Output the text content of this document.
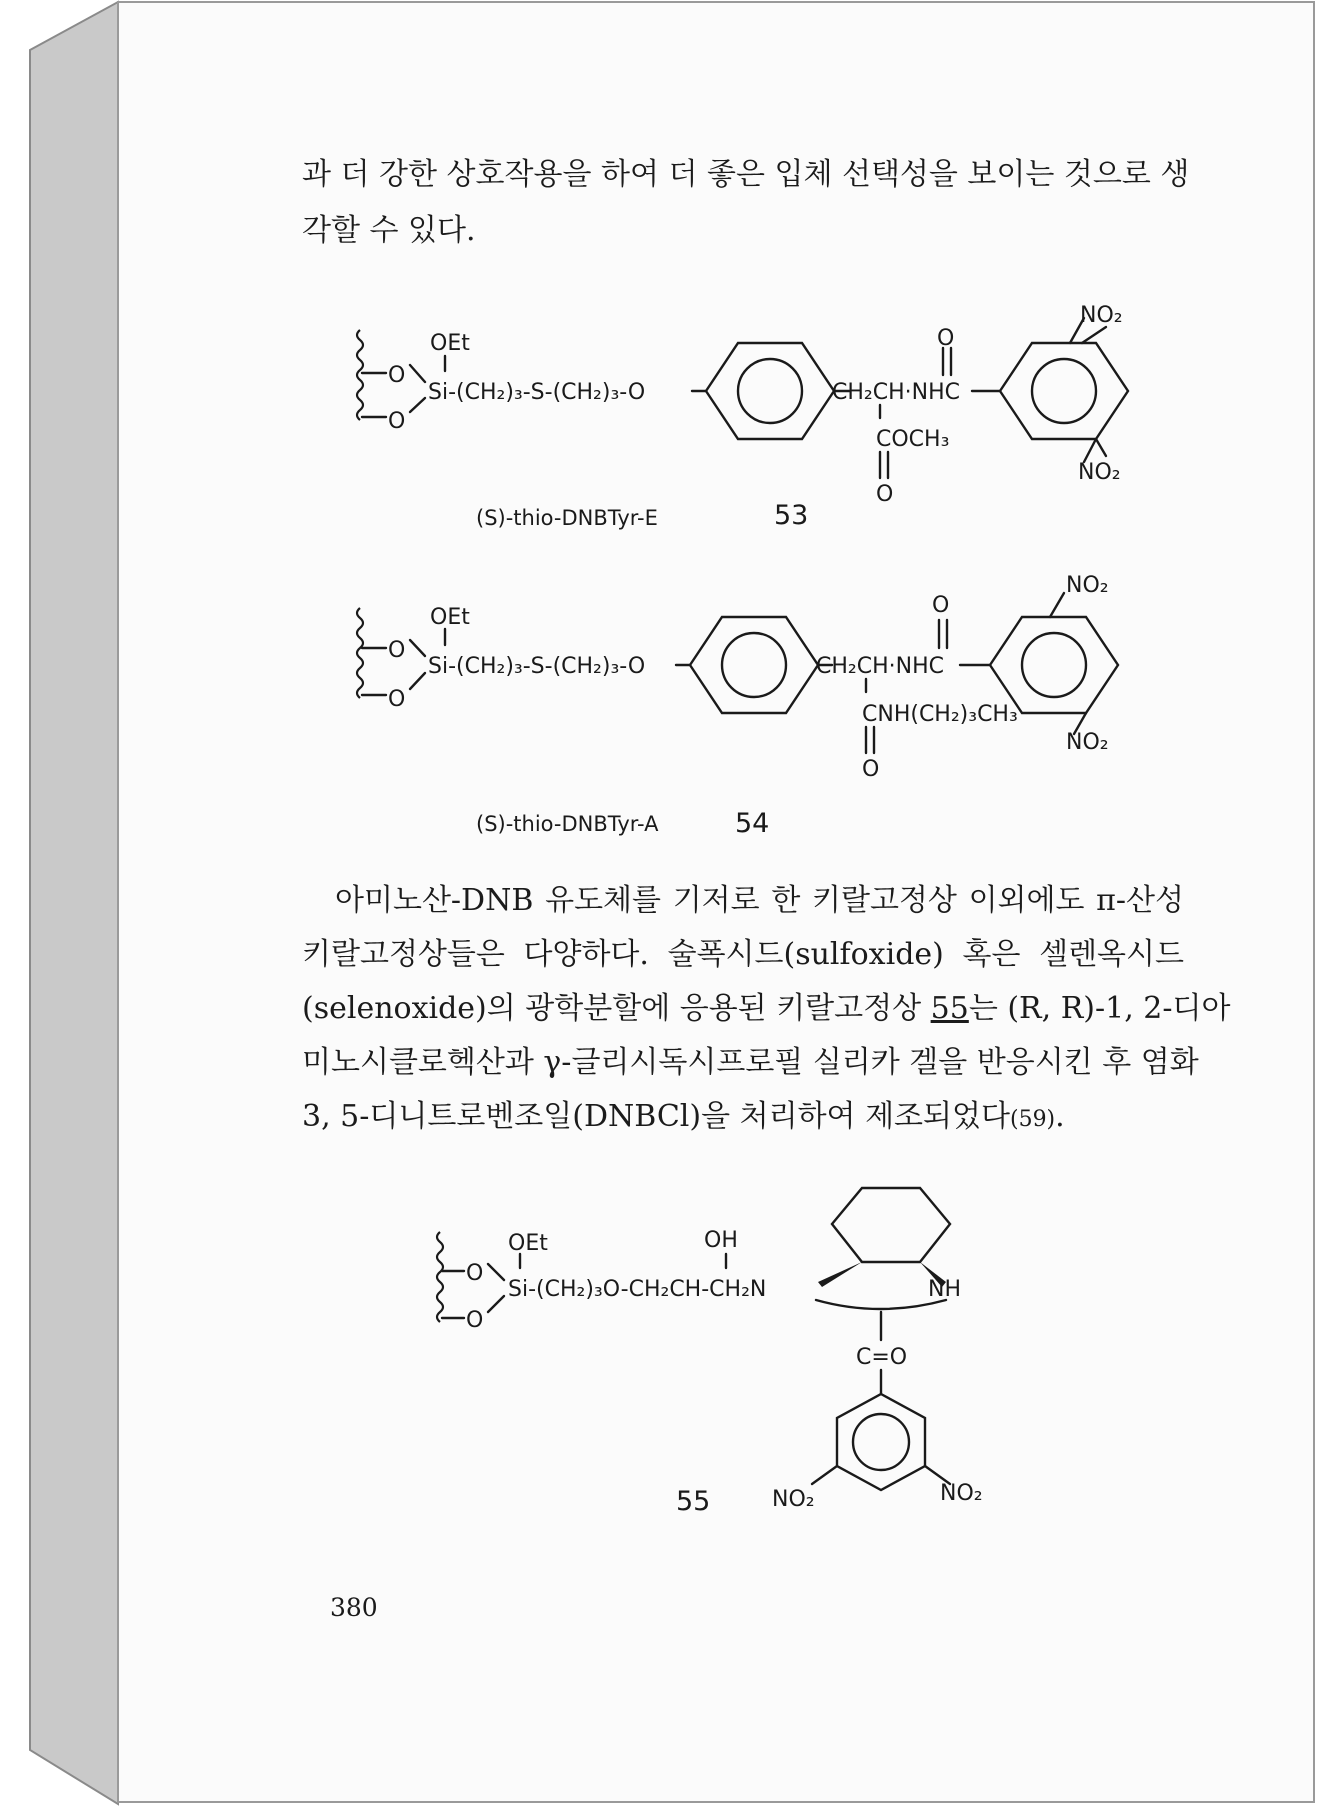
과 더 강한 상호작용을 하여 더 좋은 입체 선택성을 보이는 것으로 생
각할 수 있다.
OEt
O
O
Si-(CH₂)₃-S-(CH₂)₃-O	CH₂CH·NHC
O
COCH₃
O
NO₂
NO₂
(S)-thio-DNBTyr-E	53
OEt
O
O
Si-(CH₂)₃-S-(CH₂)₃-O	CH₂CH·NHC
O
CNH(CH₂)₃CH₃
O
NO₂
NO₂
(S)-thio-DNBTyr-A	54
아미노산-DNB 유도체를 기저로 한 키랄고정상 이외에도 π-산성
키랄고정상들은 다양하다. 술폭시드(sulfoxide) 혹은 셀렌옥시드
(selenoxide)의 광학분할에 응용된 키랄고정상 55는 (R, R)-1, 2-디아
미노시클로헥산과 γ-글리시독시프로필 실리카 겔을 반응시킨 후 염화
3, 5-디니트로벤조일(DNBCl)을 처리하여 제조되었다(59).
OEt	OH
O
O
Si-(CH₂)₃O-CH₂CH-CH₂N	NH
C=O
NO₂	NO₂
55
380
